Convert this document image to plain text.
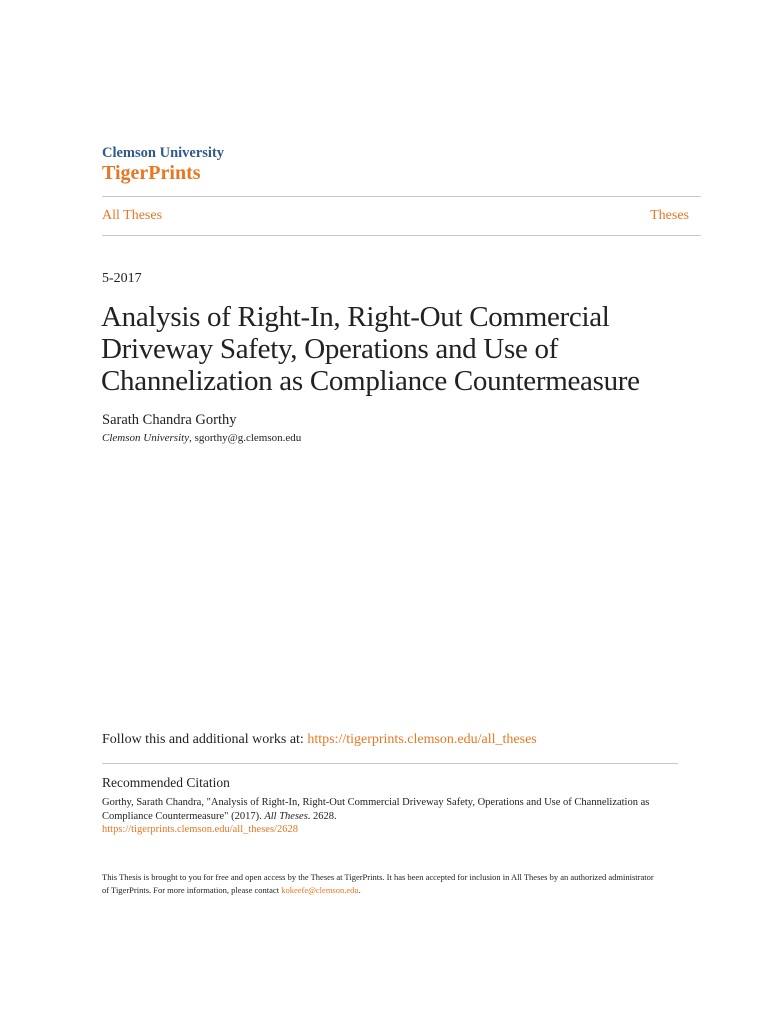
Clemson University
TigerPrints
All Theses	Theses
5-2017
Analysis of Right-In, Right-Out Commercial Driveway Safety, Operations and Use of Channelization as Compliance Countermeasure
Sarath Chandra Gorthy
Clemson University, sgorthy@g.clemson.edu
Follow this and additional works at: https://tigerprints.clemson.edu/all_theses
Recommended Citation
Gorthy, Sarath Chandra, "Analysis of Right-In, Right-Out Commercial Driveway Safety, Operations and Use of Channelization as Compliance Countermeasure" (2017). All Theses. 2628.
https://tigerprints.clemson.edu/all_theses/2628
This Thesis is brought to you for free and open access by the Theses at TigerPrints. It has been accepted for inclusion in All Theses by an authorized administrator of TigerPrints. For more information, please contact kokeefe@clemson.edu.
